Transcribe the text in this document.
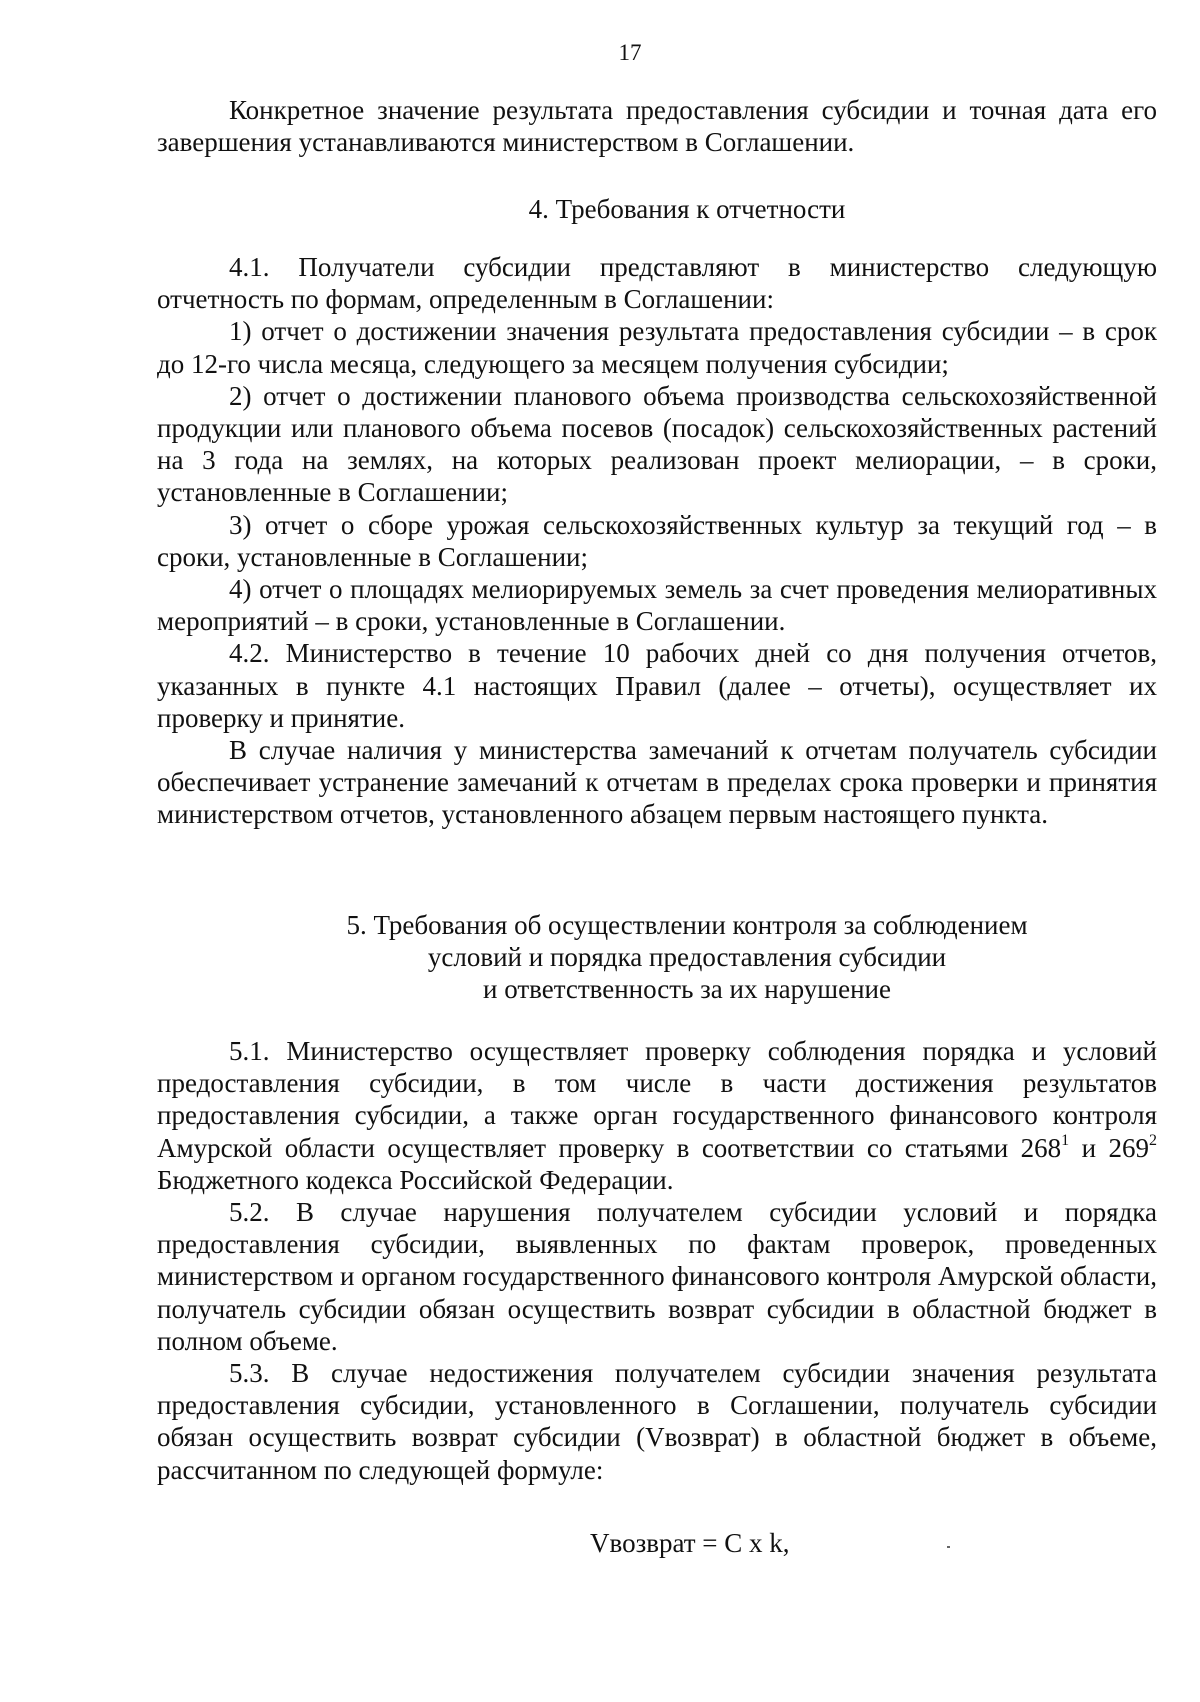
17

Конкретное значение результата предоставления субсидии и точная дата его завершения устанавливаются министерством в Соглашении.

4. Требования к отчетности

4.1. Получатели субсидии представляют в министерство следующую отчетность по формам, определенным в Соглашении:

1) отчет о достижении значения результата предоставления субсидии – в срок до 12-го числа месяца, следующего за месяцем получения субсидии;

2) отчет о достижении планового объема производства сельскохозяйственной продукции или планового объема посевов (посадок) сельскохозяйственных растений на 3 года на землях, на которых реализован проект мелиорации, – в сроки, установленные в Соглашении;

3) отчет о сборе урожая сельскохозяйственных культур за текущий год – в сроки, установленные в Соглашении;

4) отчет о площадях мелиорируемых земель за счет проведения мелиоративных мероприятий – в сроки, установленные в Соглашении.

4.2. Министерство в течение 10 рабочих дней со дня получения отчетов, указанных в пункте 4.1 настоящих Правил (далее – отчеты), осуществляет их проверку и принятие.

В случае наличия у министерства замечаний к отчетам получатель субсидии обеспечивает устранение замечаний к отчетам в пределах срока проверки и принятия министерством отчетов, установленного абзацем первым настоящего пункта.

5. Требования об осуществлении контроля за соблюдением
условий и порядка предоставления субсидии
и ответственность за их нарушение

5.1. Министерство осуществляет проверку соблюдения порядка и условий предоставления субсидии, в том числе в части достижения результатов предоставления субсидии, а также орган государственного финансового контроля Амурской области осуществляет проверку в соответствии со статьями $268^1$ и $269^2$ Бюджетного кодекса Российской Федерации.

5.2. В случае нарушения получателем субсидии условий и порядка предоставления субсидии, выявленных по фактам проверок, проведенных министерством и органом государственного финансового контроля Амурской области, получатель субсидии обязан осуществить возврат субсидии в областной бюджет в полном объеме.

5.3. В случае недостижения получателем субсидии значения результата предоставления субсидии, установленного в Соглашении, получатель субсидии обязан осуществить возврат субсидии (Vвозврат) в областной бюджет в объеме, рассчитанном по следующей формуле:

Vвозврат = C x k,
